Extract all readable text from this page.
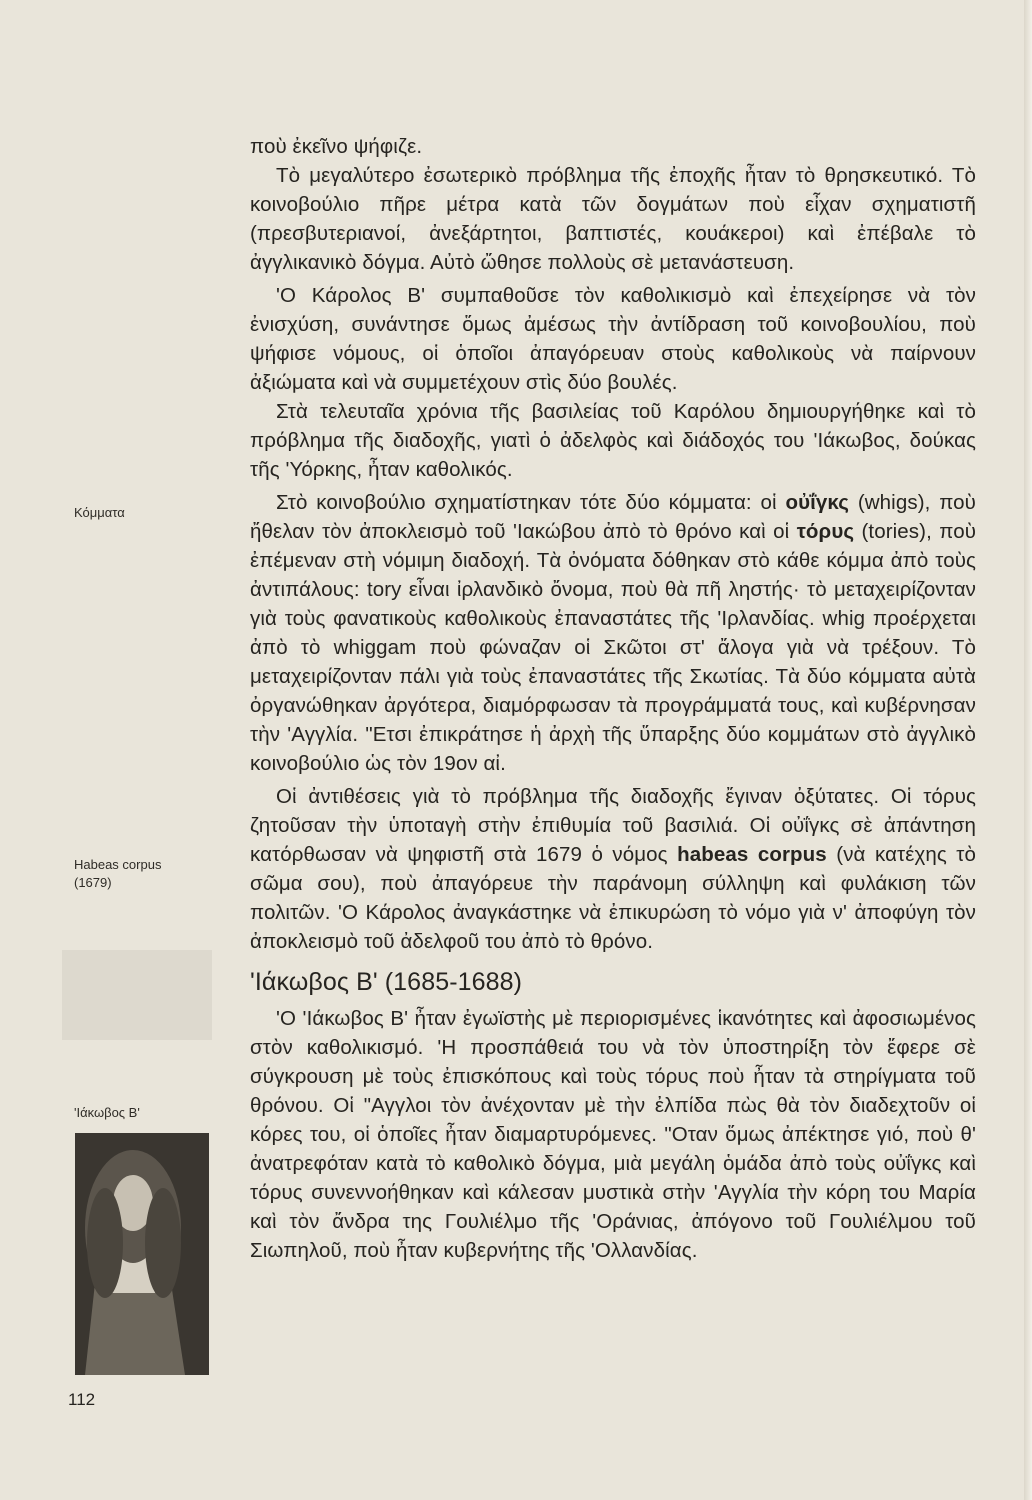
Κόμματα
Habeas corpus
(1679)
'Ιάκωβος Β'
112

ποὺ ἐκεῖνο ψήφιζε.

Τὸ μεγαλύτερο ἐσωτερικὸ πρόβλημα τῆς ἐποχῆς ἦταν τὸ θρησκευτικό. Τὸ κοινοβούλιο πῆρε μέτρα κατὰ τῶν δογμάτων ποὺ εἶχαν σχηματιστῆ (πρεσβυτεριανοί, ἀνεξάρτητοι, βαπτιστές, κουάκεροι) καὶ ἐπέβαλε τὸ ἀγγλικανικὸ δόγμα. Αὐτὸ ὤθησε πολλοὺς σὲ μετανάστευση.

'Ο Κάρολος Β' συμπαθοῦσε τὸν καθολικισμὸ καὶ ἐπεχείρησε νὰ τὸν ἐνισχύση, συνάντησε ὅμως ἀμέσως τὴν ἀντίδραση τοῦ κοινοβουλίου, ποὺ ψήφισε νόμους, οἱ ὁποῖοι ἀπαγόρευαν στοὺς καθολικοὺς νὰ παίρνουν ἀξιώματα καὶ νὰ συμμετέχουν στὶς δύο βουλές.

Στὰ τελευταῖα χρόνια τῆς βασιλείας τοῦ Καρόλου δημιουργήθηκε καὶ τὸ πρόβλημα τῆς διαδοχῆς, γιατὶ ὁ ἀδελφὸς καὶ διάδοχός του 'Ιάκωβος, δούκας τῆς 'Υόρκης, ἦταν καθολικός.

Στὸ κοινοβούλιο σχηματίστηκαν τότε δύο κόμματα: οἱ οὐΐγκς (whigs), ποὺ ἤθελαν τὸν ἀποκλεισμὸ τοῦ 'Ιακώβου ἀπὸ τὸ θρόνο καὶ οἱ τόρυς (tories), ποὺ ἐπέμεναν στὴ νόμιμη διαδοχή. Τὰ ὀνόματα δόθηκαν στὸ κάθε κόμμα ἀπὸ τοὺς ἀντιπάλους: tory εἶναι ἰρλανδικὸ ὄνομα, ποὺ θὰ πῆ ληστής· τὸ μεταχειρίζονταν γιὰ τοὺς φανατικοὺς καθολικοὺς ἐπαναστάτες τῆς 'Ιρλανδίας. whig προέρχεται ἀπὸ τὸ whiggam ποὺ φώναζαν οἱ Σκῶτοι στ' ἄλογα γιὰ νὰ τρέξουν. Τὸ μεταχειρίζονταν πάλι γιὰ τοὺς ἐπαναστάτες τῆς Σκωτίας. Τὰ δύο κόμματα αὐτὰ ὀργανώθηκαν ἀργότερα, διαμόρφωσαν τὰ προγράμματά τους, καὶ κυβέρνησαν τὴν 'Αγγλία. "Ετσι ἐπικράτησε ἡ ἀρχὴ τῆς ὕπαρξης δύο κομμάτων στὸ ἀγγλικὸ κοινοβούλιο ὡς τὸν 19ον αἰ.

Οἱ ἀντιθέσεις γιὰ τὸ πρόβλημα τῆς διαδοχῆς ἔγιναν ὀξύτατες. Οἱ τόρυς ζητοῦσαν τὴν ὑποταγὴ στὴν ἐπιθυμία τοῦ βασιλιά. Οἱ οὐΐγκς σὲ ἀπάντηση κατόρθωσαν νὰ ψηφιστῆ στὰ 1679 ὁ νόμος habeas corpus (νὰ κατέχης τὸ σῶμα σου), ποὺ ἀπαγόρευε τὴν παράνομη σύλληψη καὶ φυλάκιση τῶν πολιτῶν. 'Ο Κάρολος ἀναγκάστηκε νὰ ἐπικυρώση τὸ νόμο γιὰ ν' ἀποφύγη τὸν ἀποκλεισμὸ τοῦ ἀδελφοῦ του ἀπὸ τὸ θρόνο.

'Ιάκωβος Β' (1685-1688)

'Ο 'Ιάκωβος Β' ἦταν ἐγωϊστὴς μὲ περιορισμένες ἱκανότητες καὶ ἀφοσιωμένος στὸν καθολικισμό. 'Η προσπάθειά του νὰ τὸν ὑποστηρίξη τὸν ἔφερε σὲ σύγκρουση μὲ τοὺς ἐπισκόπους καὶ τοὺς τόρυς ποὺ ἦταν τὰ στηρίγματα τοῦ θρόνου. Οἱ "Αγγλοι τὸν ἀνέχονταν μὲ τὴν ἐλπίδα πὼς θὰ τὸν διαδεχτοῦν οἱ κόρες του, οἱ ὁποῖες ἦταν διαμαρτυρόμενες. "Οταν ὅμως ἀπέκτησε γιό, ποὺ θ' ἀνατρεφόταν κατὰ τὸ καθολικὸ δόγμα, μιὰ μεγάλη ὁμάδα ἀπὸ τοὺς οὐΐγκς καὶ τόρυς συνεννοήθηκαν καὶ κάλεσαν μυστικὰ στὴν 'Αγγλία τὴν κόρη του Μαρία καὶ τὸν ἄνδρα της Γουλιέλμο τῆς 'Οράνιας, ἀπόγονο τοῦ Γουλιέλμου τοῦ Σιωπηλοῦ, ποὺ ἦταν κυβερνήτης τῆς 'Ολλανδίας.
